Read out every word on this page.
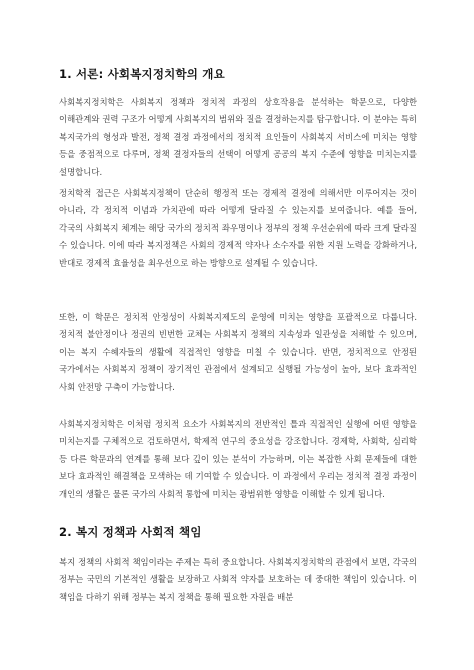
1. 서론: 사회복지정치학의 개요

사회복지정치학은 사회복지 정책과 정치적 과정의 상호작용을 분석하는 학문으로, 다양한 이해관계와 권력 구조가 어떻게 사회복지의 범위와 질을 결정하는지를 탐구합니다. 이 분야는 특히 복지국가의 형성과 발전, 정책 결정 과정에서의 정치적 요인들이 사회복지 서비스에 미치는 영향 등을 중점적으로 다루며, 정책 결정자들의 선택이 어떻게 공공의 복지 수준에 영향을 미치는지를 설명합니다.

정치학적 접근은 사회복지정책이 단순히 행정적 또는 경제적 결정에 의해서만 이루어지는 것이 아니라, 각 정치적 이념과 가치관에 따라 어떻게 달라질 수 있는지를 보여줍니다. 예를 들어, 각국의 사회복지 체계는 해당 국가의 정치적 좌우명이나 정부의 정책 우선순위에 따라 크게 달라질 수 있습니다. 이에 따라 복지정책은 사회의 경제적 약자나 소수자를 위한 지원 노력을 강화하거나, 반대로 경제적 효율성을 최우선으로 하는 방향으로 설계될 수 있습니다.

또한, 이 학문은 정치적 안정성이 사회복지제도의 운영에 미치는 영향을 포괄적으로 다룹니다. 정치적 불안정이나 정권의 빈번한 교체는 사회복지 정책의 지속성과 일관성을 저해할 수 있으며, 이는 복지 수혜자들의 생활에 직접적인 영향을 미칠 수 있습니다. 반면, 정치적으로 안정된 국가에서는 사회복지 정책이 장기적인 관점에서 설계되고 실행될 가능성이 높아, 보다 효과적인 사회 안전망 구축이 가능합니다.

사회복지정치학은 이처럼 정치적 요소가 사회복지의 전반적인 틀과 직접적인 실행에 어떤 영향을 미치는지를 구체적으로 검토하면서, 학제적 연구의 중요성을 강조합니다. 경제학, 사회학, 심리학 등 다른 학문과의 연계를 통해 보다 깊이 있는 분석이 가능하며, 이는 복잡한 사회 문제들에 대한 보다 효과적인 해결책을 모색하는 데 기여할 수 있습니다. 이 과정에서 우리는 정치적 결정 과정이 개인의 생활은 물론 국가의 사회적 통합에 미치는 광범위한 영향을 이해할 수 있게 됩니다.

2. 복지 정책과 사회적 책임

복지 정책의 사회적 책임이라는 주제는 특히 중요합니다. 사회복지정치학의 관점에서 보면, 각국의 정부는 국민의 기본적인 생활을 보장하고 사회적 약자를 보호하는 데 중대한 책임이 있습니다. 이 책임을 다하기 위해 정부는 복지 정책을 통해 필요한 자원을 배분
